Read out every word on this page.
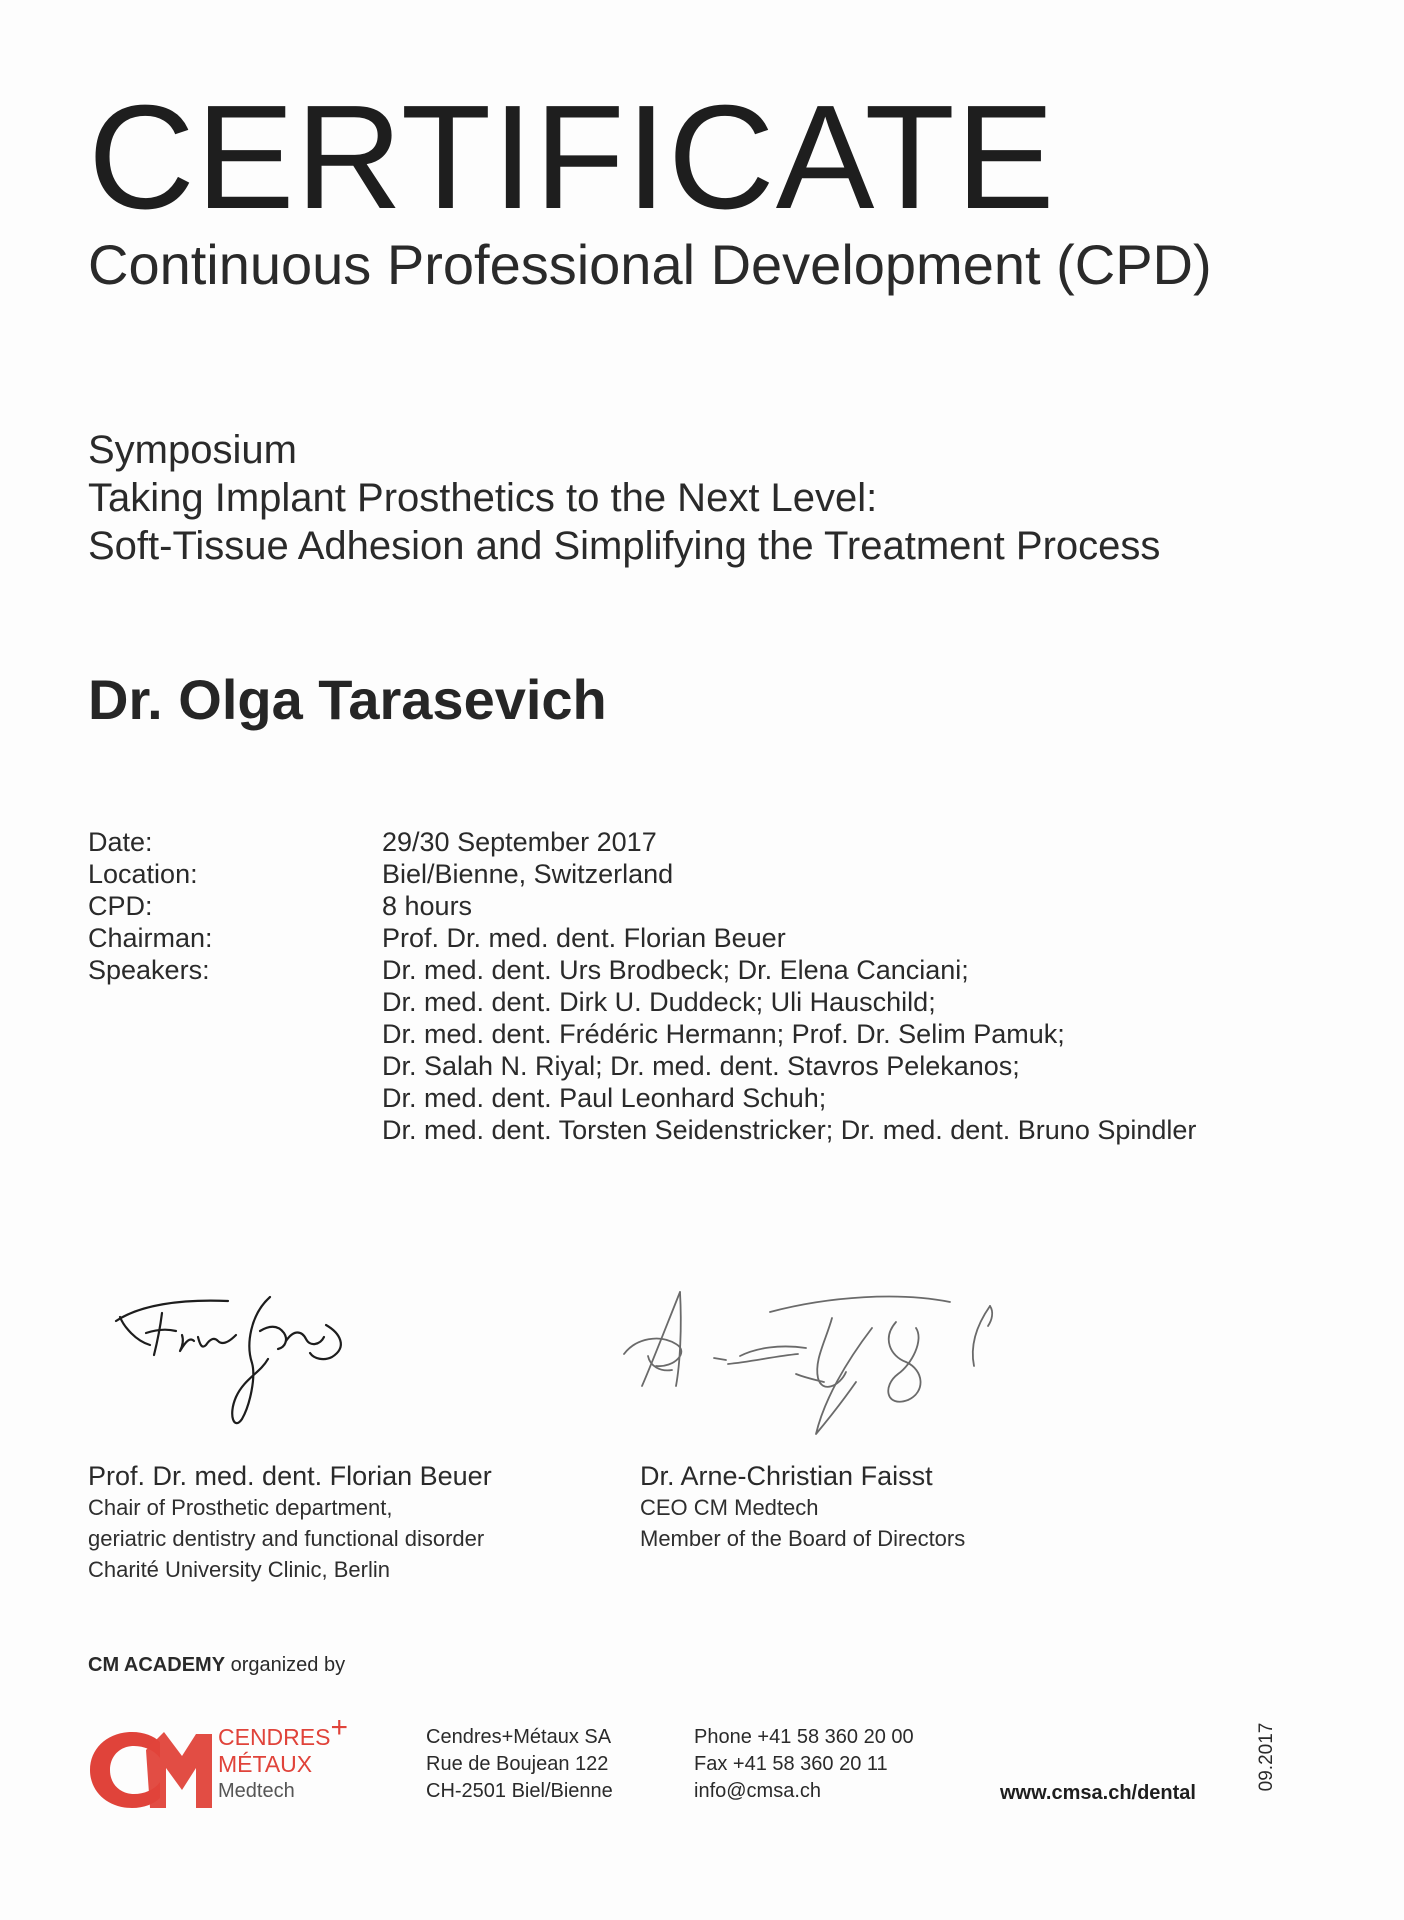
CERTIFICATE
Continuous Professional Development (CPD)
Symposium
Taking Implant Prosthetics to the Next Level:
Soft-Tissue Adhesion and Simplifying the Treatment Process
Dr. Olga Tarasevich
Date:
Location:
CPD:
Chairman:
Speakers:
29/30 September 2017
Biel/Bienne, Switzerland
8 hours
Prof. Dr. med. dent. Florian Beuer
Dr. med. dent. Urs Brodbeck; Dr. Elena Canciani;
Dr. med. dent. Dirk U. Duddeck; Uli Hauschild;
Dr. med. dent. Frédéric Hermann; Prof. Dr. Selim Pamuk;
Dr. Salah N. Riyal; Dr. med. dent. Stavros Pelekanos;
Dr. med. dent. Paul Leonhard Schuh;
Dr. med. dent. Torsten Seidenstricker; Dr. med. dent. Bruno Spindler
Prof. Dr. med. dent. Florian Beuer
Chair of Prosthetic department,
geriatric dentistry and functional disorder
Charité University Clinic, Berlin
Dr. Arne-Christian Faisst
CEO CM Medtech
Member of the Board of Directors
CM ACADEMY organized by
CENDRES+
MÉTAUX
Medtech
Cendres+Métaux SA
Rue de Boujean 122
CH-2501 Biel/Bienne
Phone +41 58 360 20 00
Fax +41 58 360 20 11
info@cmsa.ch	www.cmsa.ch/dental
09.2017
